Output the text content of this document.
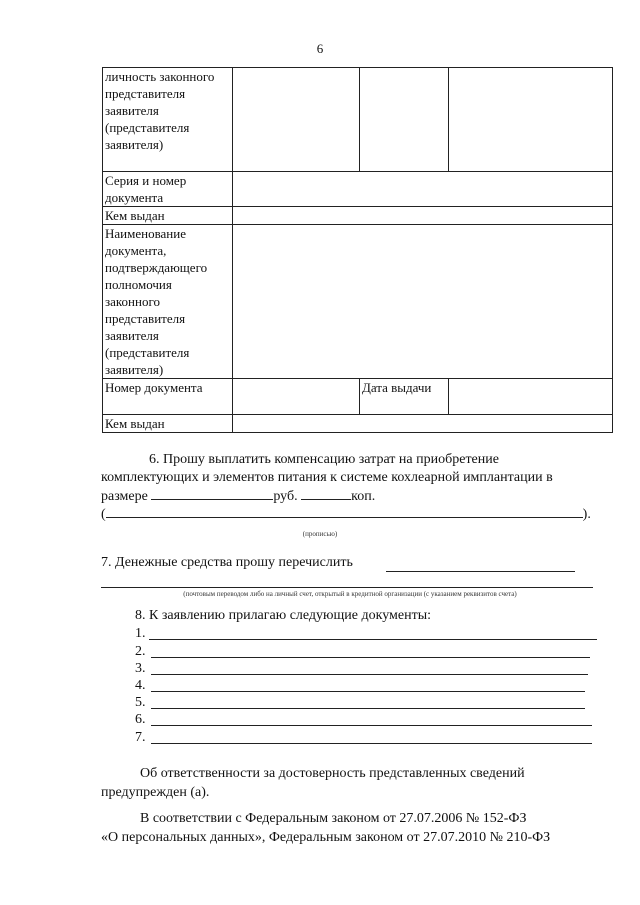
6
личность законного представителя заявителя (представителя заявителя)			
Серия и номер документа			
Кем выдан			
Наименование документа, подтверждающего полномочия законного представителя заявителя (представителя заявителя)			
Номер документа		Дата выдачи	
Кем выдан			
6. Прошу выплатить компенсацию затрат на приобретение
комплектующих и элементов питания к системе кохлеарной имплантации в
размере	руб.	коп.
(	).
(прописью)
7. Денежные средства прошу перечислить
(почтовым переводом либо на личный счет, открытый в кредитной организации (с указанием реквизитов счета)
8. К заявлению прилагаю следующие документы:
1.
2.
3.
4.
5.
6.
7.
Об ответственности за достоверность представленных сведений
предупрежден (а).
В соответствии с Федеральным законом от 27.07.2006 № 152-ФЗ
«О персональных данных», Федеральным законом от 27.07.2010 № 210-ФЗ
